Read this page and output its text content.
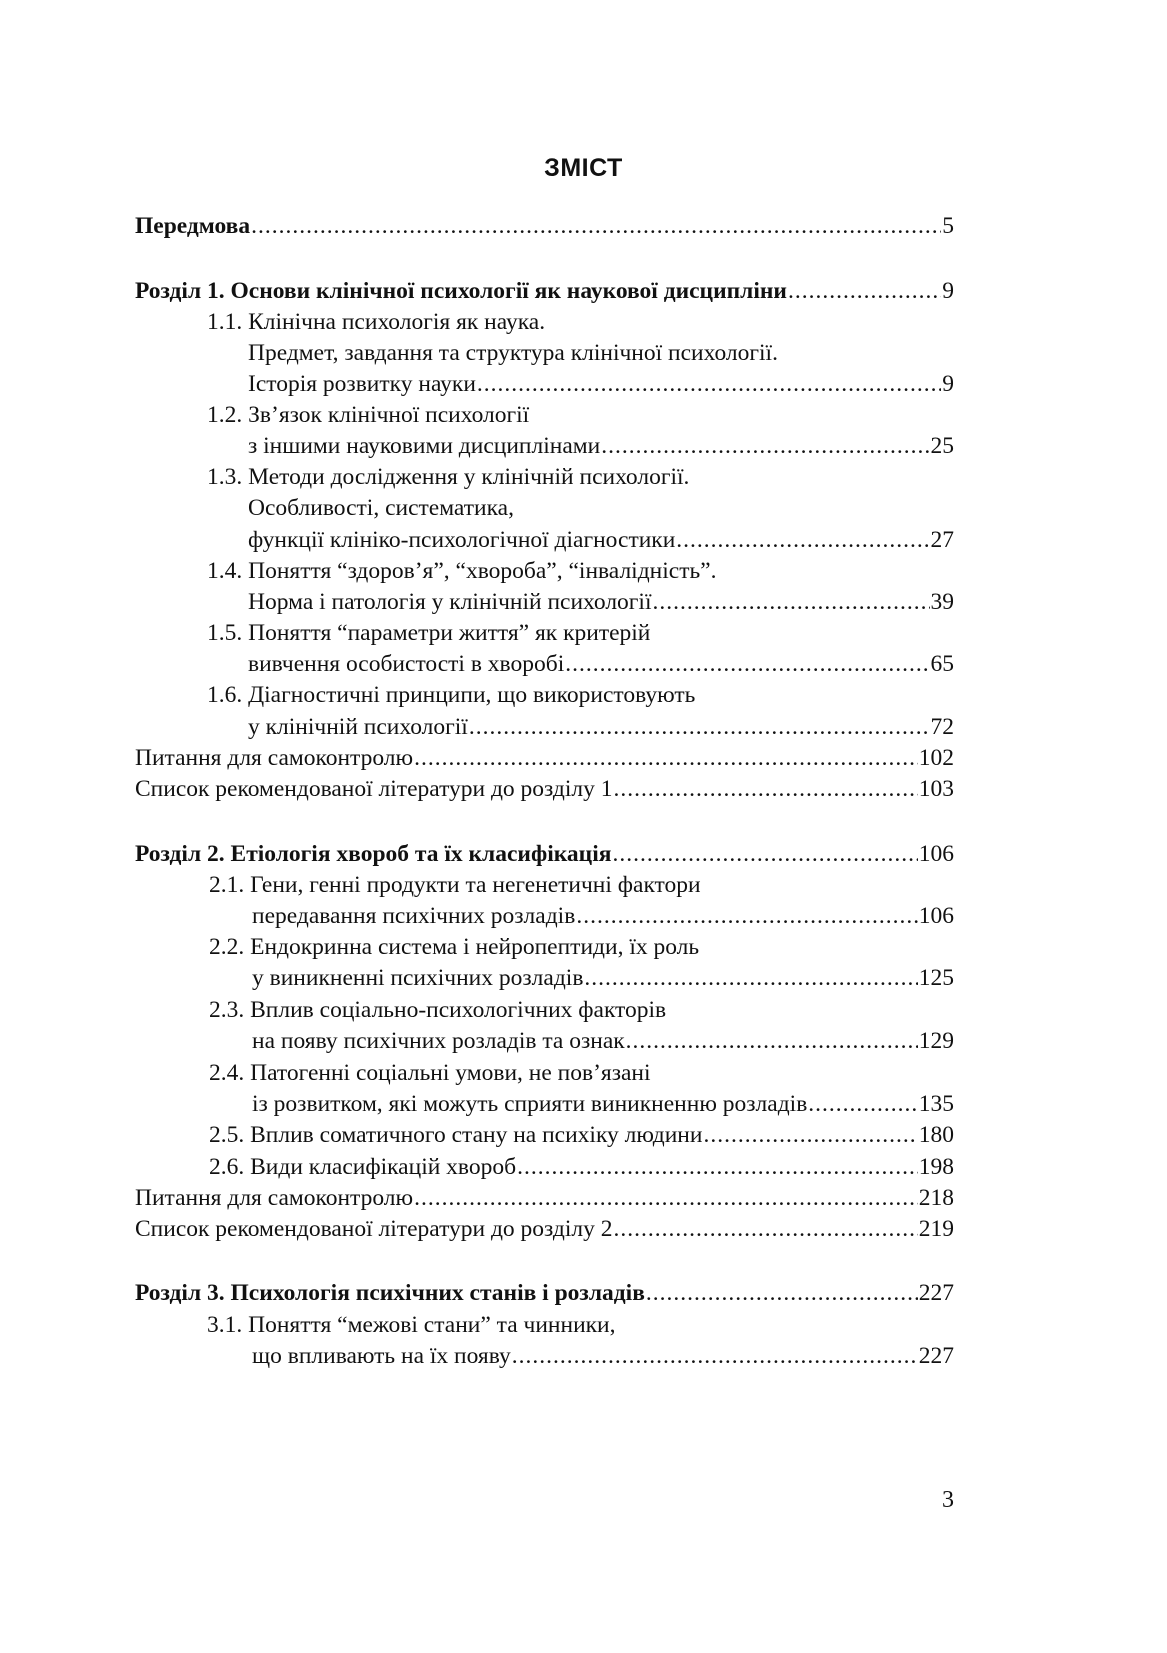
ЗМІСТ
Передмова .....	5
Розділ 1. Основи клінічної психології як наукової дисципліни .....	9
1.1. Клінічна психологія як наука.
Предмет, завдання та структура клінічної психології.
Історія розвитку науки .....	9
1.2. Зв’язок клінічної психології
з іншими науковими дисциплінами .....	25
1.3. Методи дослідження у клінічній психології.
Особливості, систематика,
функції клініко-психологічної діагностики .....	27
1.4. Поняття “здоров’я”, “хвороба”, “інвалідність”.
Норма і патологія у клінічній психології .....	39
1.5. Поняття “параметри життя” як критерій
вивчення особистості в хворобі .....	65
1.6. Діагностичні принципи, що використовують
у клінічній психології .....	72
Питання для самоконтролю .....	102
Список рекомендованої літератури до розділу 1 .....	103
Розділ 2. Етіологія хвороб та їх класифікація .....	106
2.1. Гени, генні продукти та негенетичні фактори
передавання психічних розладів .....	106
2.2. Ендокринна система і нейропептиди, їх роль
у виникненні психічних розладів .....	125
2.3. Вплив соціально-психологічних факторів
на появу психічних розладів та ознак .....	129
2.4. Патогенні соціальні умови, не пов’язані
із розвитком, які можуть сприяти виникненню розладів .....	135
2.5. Вплив соматичного стану на психіку людини .....	180
2.6. Види класифікацій хвороб .....	198
Питання для самоконтролю .....	218
Список рекомендованої літератури до розділу 2 .....	219
Розділ 3. Психологія психічних станів і розладів .....	227
3.1. Поняття “межові стани” та чинники,
що впливають на їх появу .....	227
3
